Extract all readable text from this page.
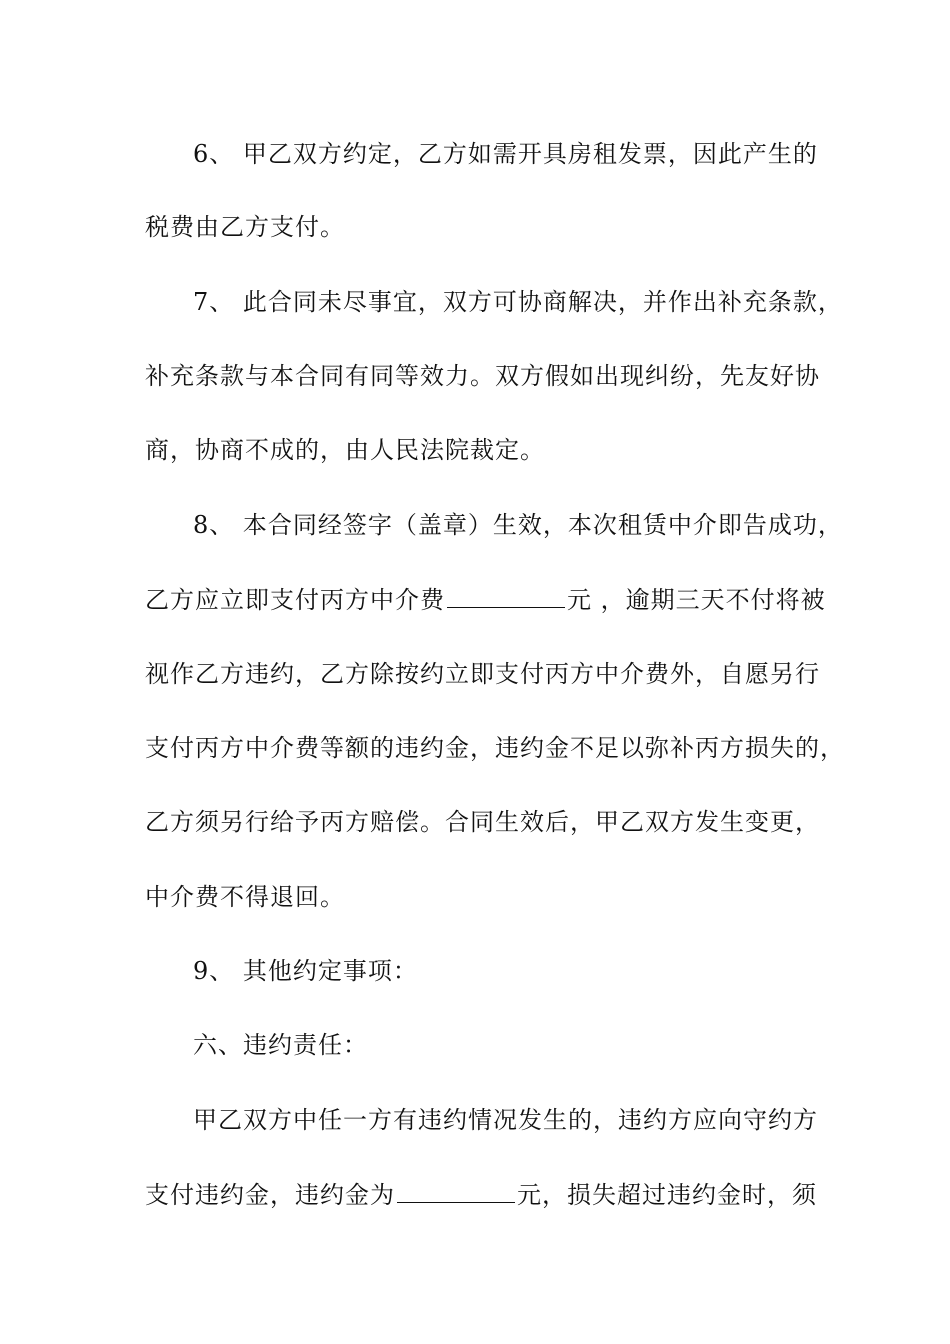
6、 甲乙双方约定，乙方如需开具房租发票，因此产生的
税费由乙方支付。
7、 此合同未尽事宜，双方可协商解决，并作出补充条款，
补充条款与本合同有同等效力。双方假如出现纠纷，先友好协
商，协商不成的，由人民法院裁定。
8、 本合同经签字（盖章）生效，本次租赁中介即告成功，
乙方应立即支付丙方中介费	元 ，逾期三天不付将被
视作乙方违约，乙方除按约立即支付丙方中介费外，自愿另行
支付丙方中介费等额的违约金，违约金不足以弥补丙方损失的，
乙方须另行给予丙方赔偿。合同生效后，甲乙双方发生变更，
中介费不得退回。
9、 其他约定事项：
六、违约责任：
甲乙双方中任一方有违约情况发生的，违约方应向守约方
支付违约金，违约金为	元，损失超过违约金时，须
